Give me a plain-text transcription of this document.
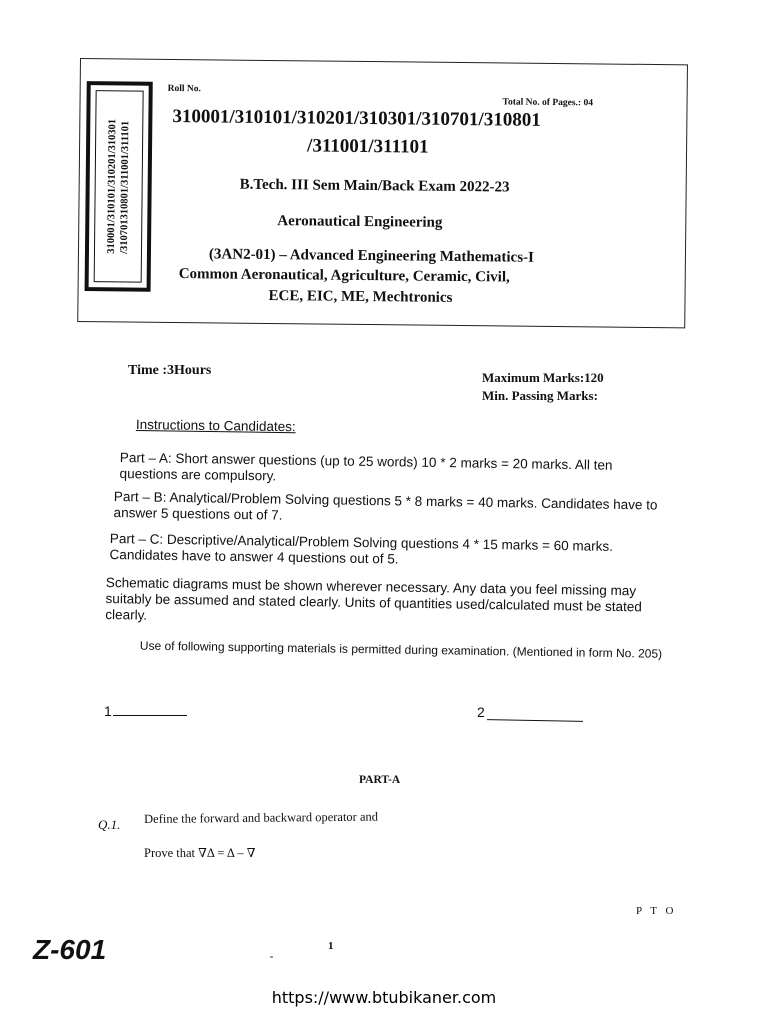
310001/310101/310201/310301 /310701310801/311001/311101
Roll No.
Total No. of Pages.: 04
310001/310101/310201/310301/310701/310801
/311001/311101
B.Tech. III Sem Main/Back Exam 2022-23
Aeronautical Engineering
(3AN2-01) – Advanced Engineering Mathematics-I
Common Aeronautical, Agriculture, Ceramic, Civil,
ECE, EIC, ME, Mechtronics
Time :3Hours	Maximum Marks:120
Min. Passing Marks:
Instructions to Candidates:
Part – A: Short answer questions (up to 25 words) 10 * 2 marks = 20 marks. All ten questions are compulsory.
Part – B: Analytical/Problem Solving questions 5 * 8 marks = 40 marks. Candidates have to answer 5 questions out of 7.
Part – C: Descriptive/Analytical/Problem Solving questions 4 * 15 marks = 60 marks. Candidates have to answer 4 questions out of 5.
Schematic diagrams must be shown wherever necessary. Any data you feel missing may suitably be assumed and stated clearly. Units of quantities used/calculated must be stated clearly.
Use of following supporting materials is permitted during examination. (Mentioned in form No. 205)
1	2
PART-A
Q.1. Define the forward and backward operator and
Prove that ∇Δ = Δ – ∇
P T O
Z-601	1
https://www.btubikaner.com
